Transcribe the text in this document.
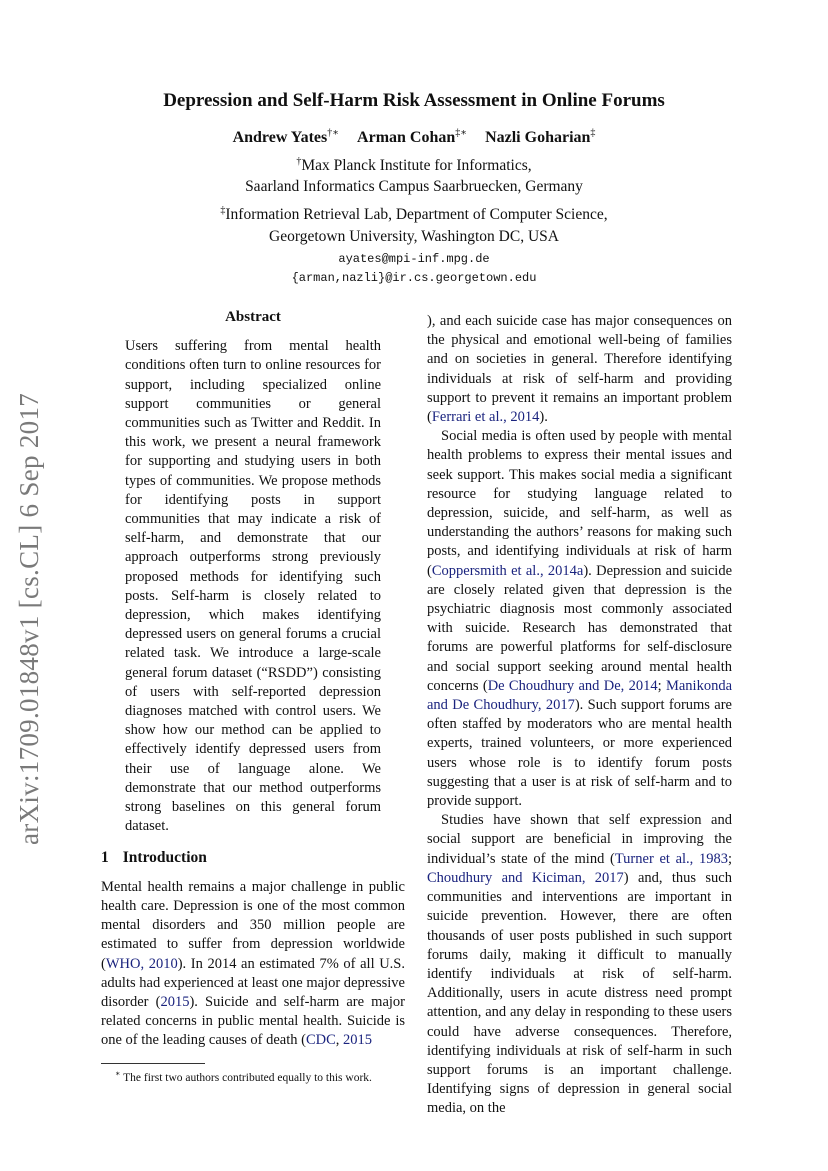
arXiv:1709.01848v1 [cs.CL] 6 Sep 2017
Depression and Self-Harm Risk Assessment in Online Forums
Andrew Yates†∗ Arman Cohan‡∗ Nazli Goharian‡
†Max Planck Institute for Informatics,
Saarland Informatics Campus Saarbruecken, Germany
‡Information Retrieval Lab, Department of Computer Science,
Georgetown University, Washington DC, USA
ayates@mpi-inf.mpg.de
{arman,nazli}@ir.cs.georgetown.edu
Abstract
Users suffering from mental health conditions often turn to online resources for support, including specialized online support communities or general communities such as Twitter and Reddit. In this work, we present a neural framework for supporting and studying users in both types of communities. We propose methods for identifying posts in support communities that may indicate a risk of self-harm, and demonstrate that our approach outperforms strong previously proposed methods for identifying such posts. Self-harm is closely related to depression, which makes identifying depressed users on general forums a crucial related task. We introduce a large-scale general forum dataset (“RSDD”) consisting of users with self-reported depression diagnoses matched with control users. We show how our method can be applied to effectively identify depressed users from their use of language alone. We demonstrate that our method outperforms strong baselines on this general forum dataset.
1 Introduction

Mental health remains a major challenge in public health care. Depression is one of the most common mental disorders and 350 million people are estimated to suffer from depression worldwide (WHO, 2010). In 2014 an estimated 7% of all U.S. adults had experienced at least one major depressive disorder (2015). Suicide and self-harm are major related concerns in public mental health. Suicide is one of the leading causes of death (CDC, 2015

∗ The first two authors contributed equally to this work.

), and each suicide case has major consequences on the physical and emotional well-being of families and on societies in general. Therefore identifying individuals at risk of self-harm and providing support to prevent it remains an important problem (Ferrari et al., 2014).

Social media is often used by people with mental health problems to express their mental issues and seek support. This makes social media a significant resource for studying language related to depression, suicide, and self-harm, as well as understanding the authors’ reasons for making such posts, and identifying individuals at risk of harm (Coppersmith et al., 2014a). Depression and suicide are closely related given that depression is the psychiatric diagnosis most commonly associated with suicide. Research has demonstrated that forums are powerful platforms for self-disclosure and social support seeking around mental health concerns (De Choudhury and De, 2014; Manikonda and De Choudhury, 2017). Such support forums are often staffed by moderators who are mental health experts, trained volunteers, or more experienced users whose role is to identify forum posts suggesting that a user is at risk of self-harm and to provide support.

Studies have shown that self expression and social support are beneficial in improving the individual’s state of the mind (Turner et al., 1983; Choudhury and Kiciman, 2017) and, thus such communities and interventions are important in suicide prevention. However, there are often thousands of user posts published in such support forums daily, making it difficult to manually identify individuals at risk of self-harm. Additionally, users in acute distress need prompt attention, and any delay in responding to these users could have adverse consequences. Therefore, identifying individuals at risk of self-harm in such support forums is an important challenge. Identifying signs of depression in general social media, on the
